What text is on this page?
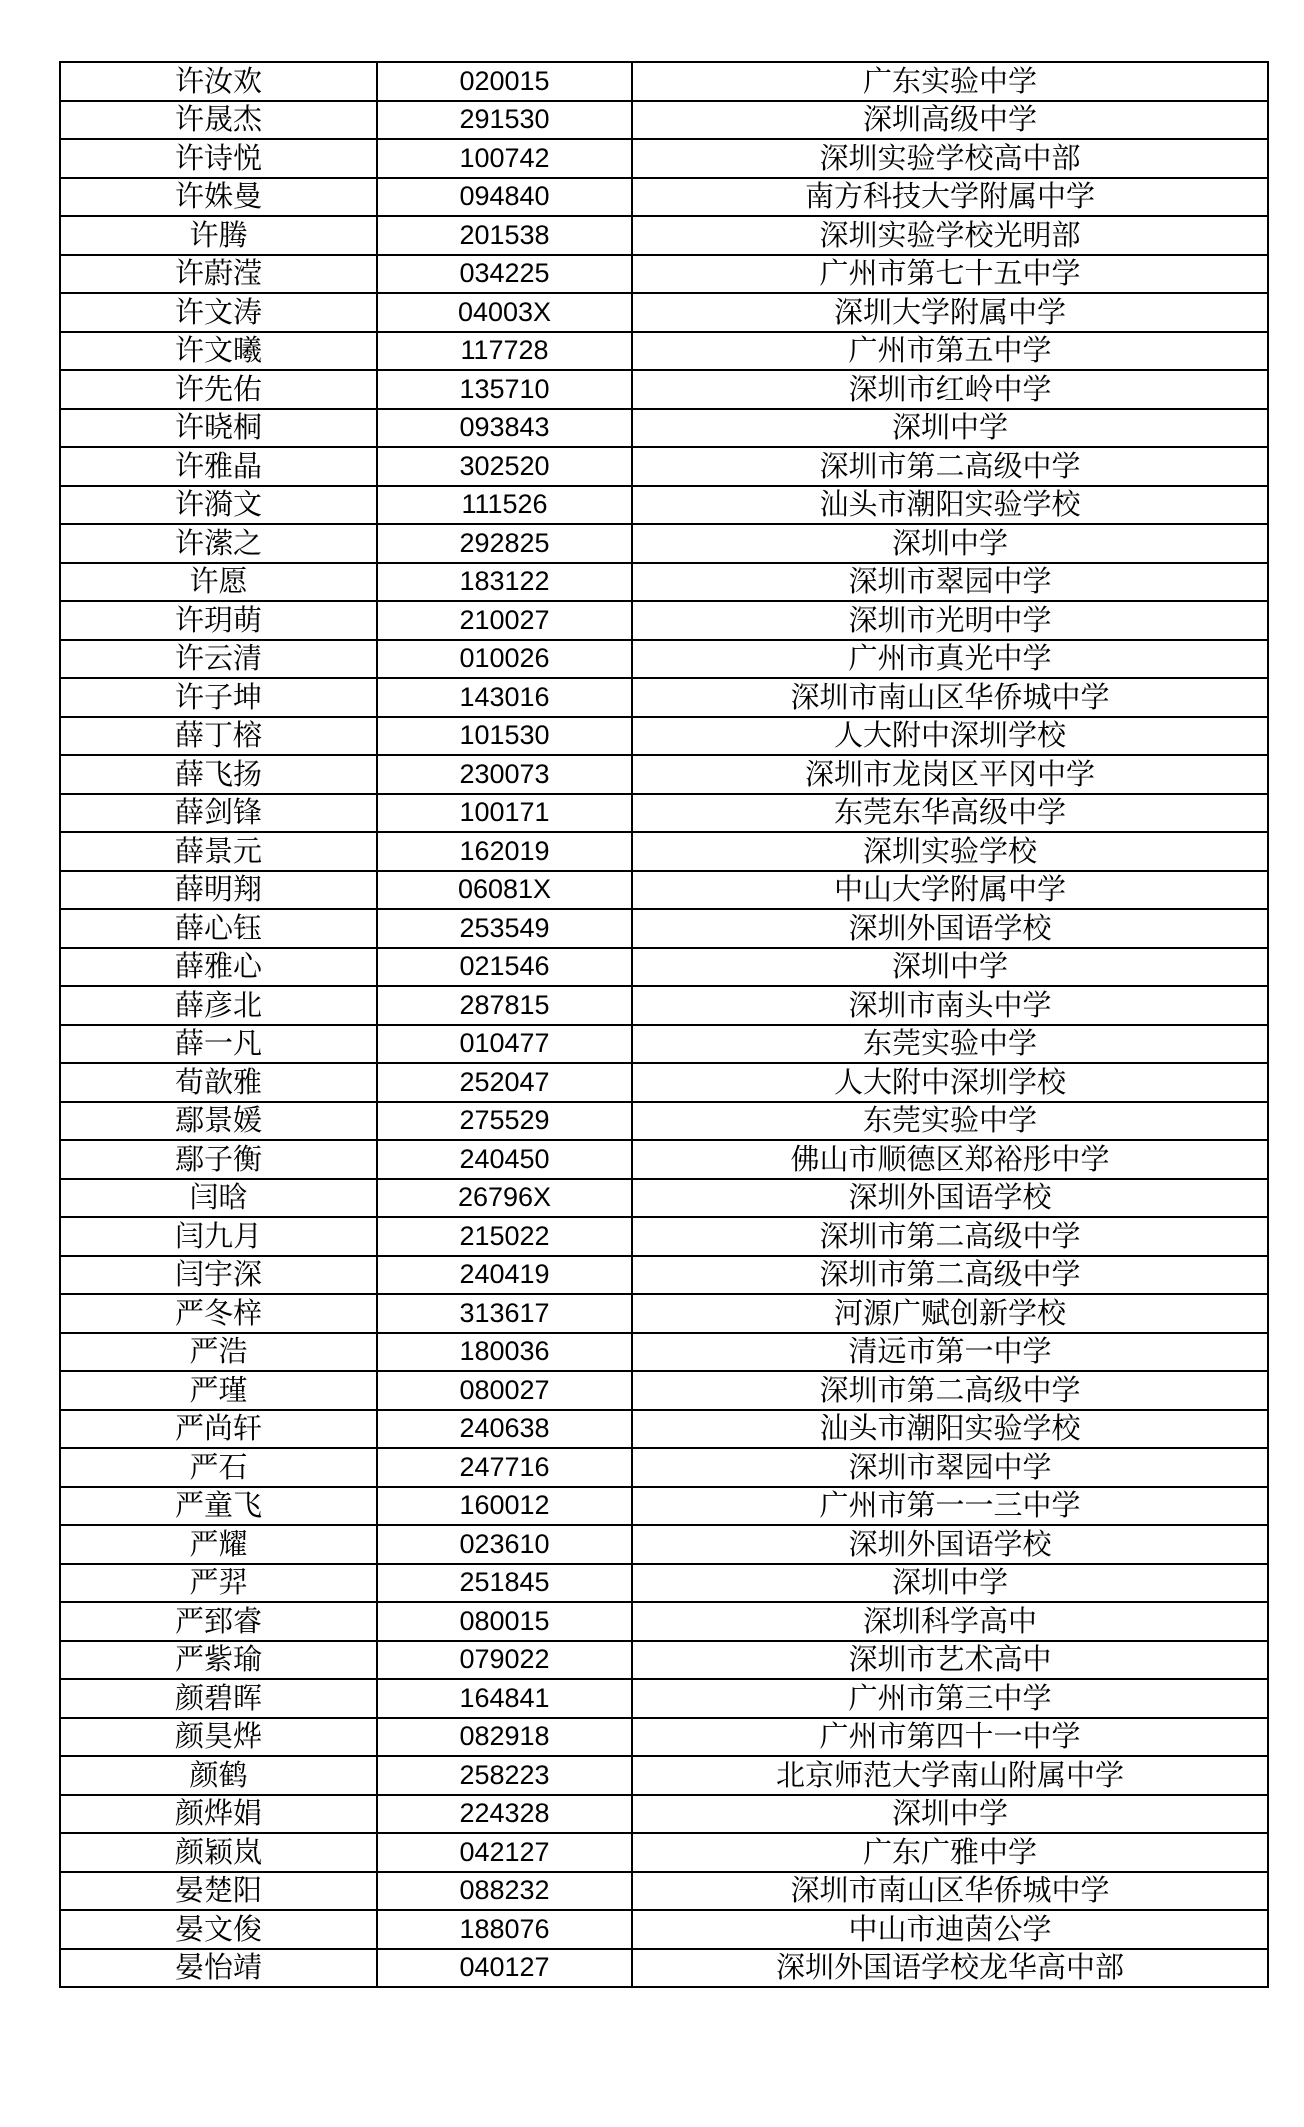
许汝欢	020015	广东实验中学
许晟杰	291530	深圳高级中学
许诗悦	100742	深圳实验学校高中部
许姝曼	094840	南方科技大学附属中学
许腾	201538	深圳实验学校光明部
许蔚滢	034225	广州市第七十五中学
许文涛	04003X	深圳大学附属中学
许文曦	117728	广州市第五中学
许先佑	135710	深圳市红岭中学
许晓桐	093843	深圳中学
许雅晶	302520	深圳市第二高级中学
许漪文	111526	汕头市潮阳实验学校
许潆之	292825	深圳中学
许愿	183122	深圳市翠园中学
许玥萌	210027	深圳市光明中学
许云清	010026	广州市真光中学
许子坤	143016	深圳市南山区华侨城中学
薛丁榕	101530	人大附中深圳学校
薛飞扬	230073	深圳市龙岗区平冈中学
薛剑锋	100171	东莞东华高级中学
薛景元	162019	深圳实验学校
薛明翔	06081X	中山大学附属中学
薛心钰	253549	深圳外国语学校
薛雅心	021546	深圳中学
薛彦北	287815	深圳市南头中学
薛一凡	010477	东莞实验中学
荀歆雅	252047	人大附中深圳学校
鄢景媛	275529	东莞实验中学
鄢子衡	240450	佛山市顺德区郑裕彤中学
闫晗	26796X	深圳外国语学校
闫九月	215022	深圳市第二高级中学
闫宇深	240419	深圳市第二高级中学
严冬梓	313617	河源广赋创新学校
严浩	180036	清远市第一中学
严瑾	080027	深圳市第二高级中学
严尚轩	240638	汕头市潮阳实验学校
严石	247716	深圳市翠园中学
严童飞	160012	广州市第一一三中学
严耀	023610	深圳外国语学校
严羿	251845	深圳中学
严郅睿	080015	深圳科学高中
严紫瑜	079022	深圳市艺术高中
颜碧晖	164841	广州市第三中学
颜昊烨	082918	广州市第四十一中学
颜鹤	258223	北京师范大学南山附属中学
颜烨娟	224328	深圳中学
颜颖岚	042127	广东广雅中学
晏楚阳	088232	深圳市南山区华侨城中学
晏文俊	188076	中山市迪茵公学
晏怡靖	040127	深圳外国语学校龙华高中部
